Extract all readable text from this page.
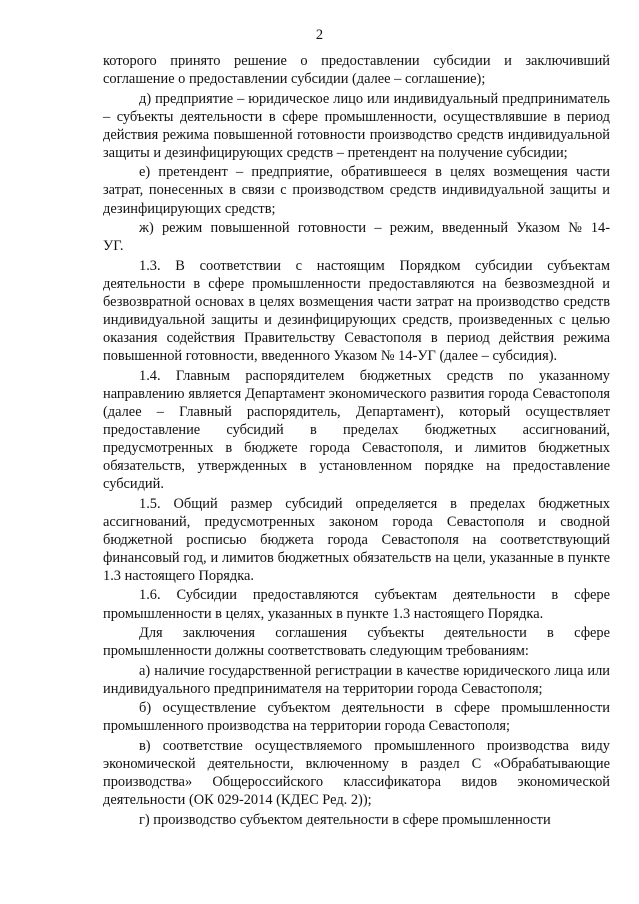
2

которого принято решение о предоставлении субсидии и заключивший соглашение о предоставлении субсидии (далее – соглашение);

д) предприятие – юридическое лицо или индивидуальный предприниматель – субъекты деятельности в сфере промышленности, осуществлявшие в период действия режима повышенной готовности производство средств индивидуальной защиты и дезинфицирующих средств – претендент на получение субсидии;

е) претендент – предприятие, обратившееся в целях возмещения части затрат, понесенных в связи с производством средств индивидуальной защиты и дезинфицирующих средств;

ж) режим повышенной готовности – режим, введенный Указом № 14-УГ.

1.3. В соответствии с настоящим Порядком субсидии субъектам деятельности в сфере промышленности предоставляются на безвозмездной и безвозвратной основах в целях возмещения части затрат на производство средств индивидуальной защиты и дезинфицирующих средств, произведенных с целью оказания содействия Правительству Севастополя в период действия режима повышенной готовности, введенного Указом № 14-УГ (далее – субсидия).

1.4. Главным распорядителем бюджетных средств по указанному направлению является Департамент экономического развития города Севастополя (далее – Главный распорядитель, Департамент), который осуществляет предоставление субсидий в пределах бюджетных ассигнований, предусмотренных в бюджете города Севастополя, и лимитов бюджетных обязательств, утвержденных в установленном порядке на предоставление субсидий.

1.5. Общий размер субсидий определяется в пределах бюджетных ассигнований, предусмотренных законом города Севастополя и сводной бюджетной росписью бюджета города Севастополя на соответствующий финансовый год, и лимитов бюджетных обязательств на цели, указанные в пункте 1.3 настоящего Порядка.

1.6. Субсидии предоставляются субъектам деятельности в сфере промышленности в целях, указанных в пункте 1.3 настоящего Порядка.

Для заключения соглашения субъекты деятельности в сфере промышленности должны соответствовать следующим требованиям:

а) наличие государственной регистрации в качестве юридического лица или индивидуального предпринимателя на территории города Севастополя;

б) осуществление субъектом деятельности в сфере промышленности промышленного производства на территории города Севастополя;

в) соответствие осуществляемого промышленного производства виду экономической деятельности, включенному в раздел С «Обрабатывающие производства» Общероссийского классификатора видов экономической деятельности (ОК 029-2014 (КДЕС Ред. 2));

г) производство субъектом деятельности в сфере промышленности
